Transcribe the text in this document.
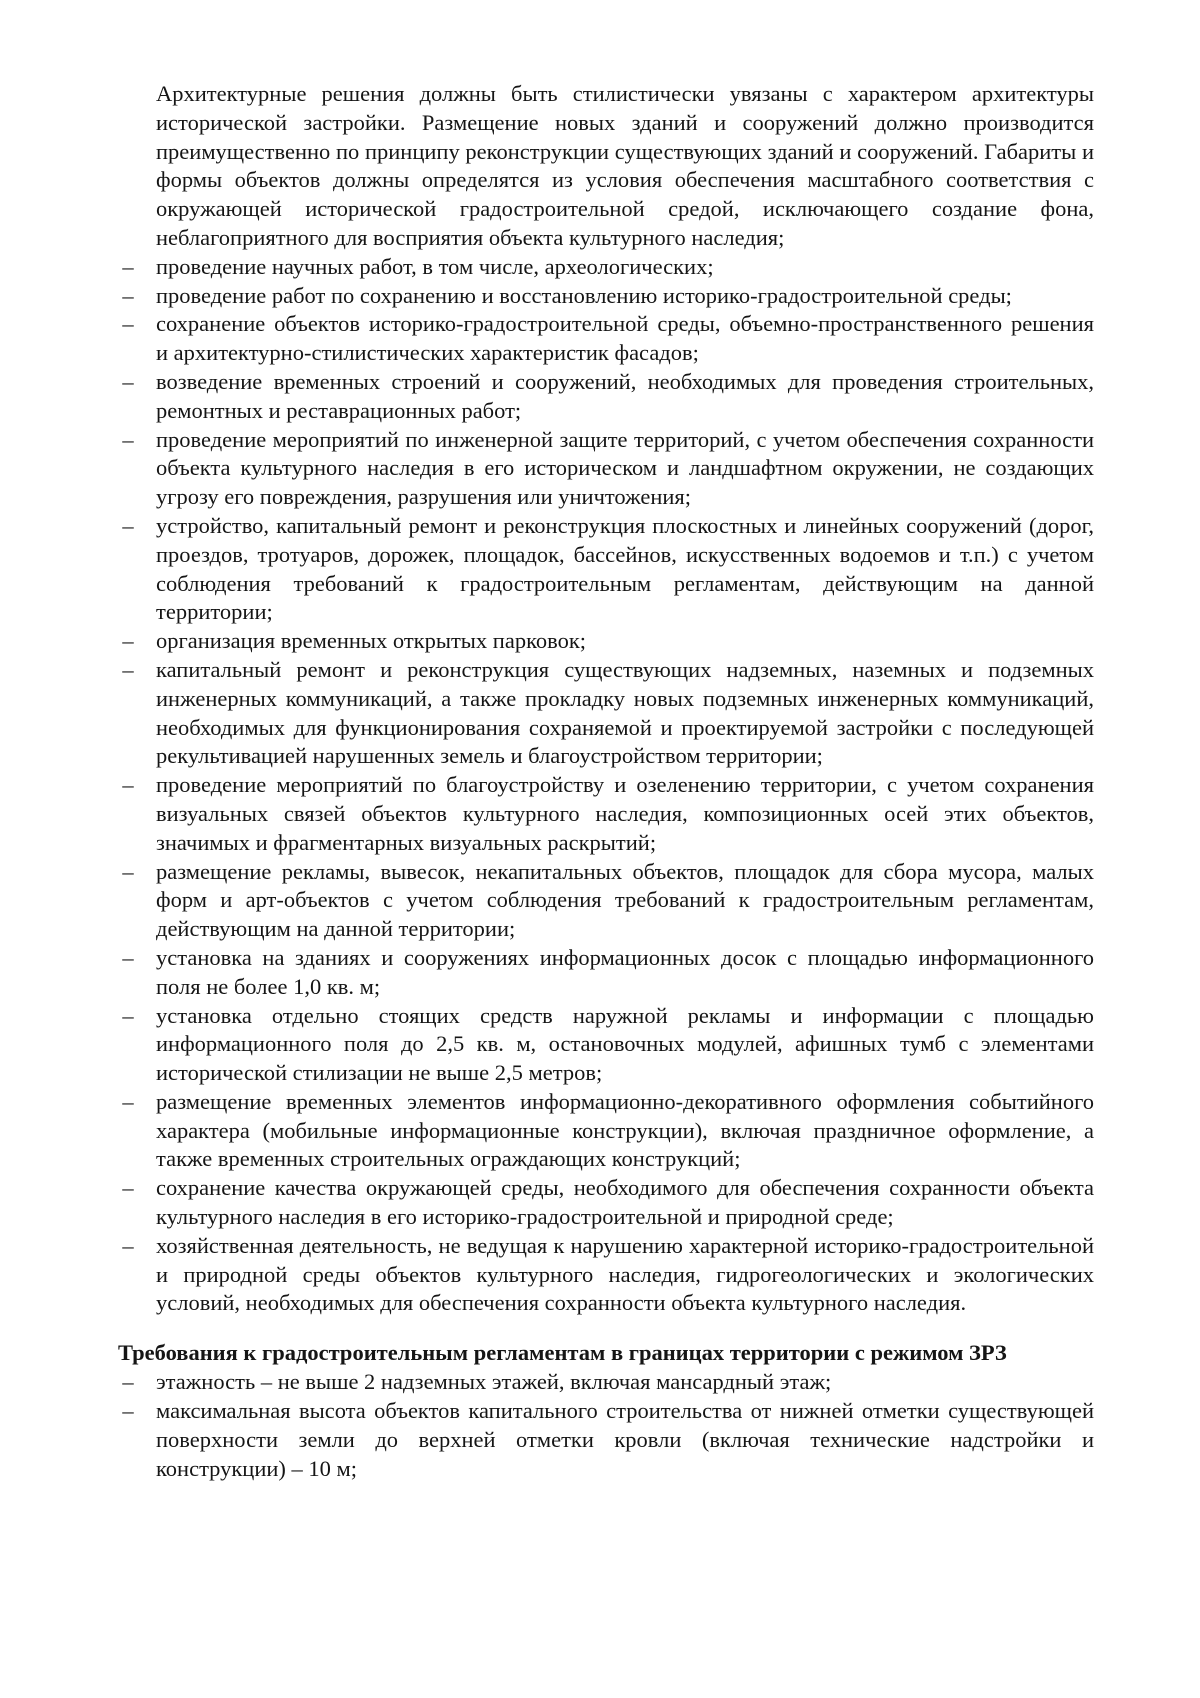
Архитектурные решения должны быть стилистически увязаны с характером архитектуры исторической застройки. Размещение новых зданий и сооружений должно производится преимущественно по принципу реконструкции существующих зданий и сооружений. Габариты и формы объектов должны определятся из условия обеспечения масштабного соответствия с окружающей исторической градостроительной средой, исключающего создание фона, неблагоприятного для восприятия объекта культурного наследия;

– проведение научных работ, в том числе, археологических;
– проведение работ по сохранению и восстановлению историко-градостроительной среды;
– сохранение объектов историко-градостроительной среды, объемно-пространственного решения и архитектурно-стилистических характеристик фасадов;
– возведение временных строений и сооружений, необходимых для проведения строительных, ремонтных и реставрационных работ;
– проведение мероприятий по инженерной защите территорий, с учетом обеспечения сохранности объекта культурного наследия в его историческом и ландшафтном окружении, не создающих угрозу его повреждения, разрушения или уничтожения;
– устройство, капитальный ремонт и реконструкция плоскостных и линейных сооружений (дорог, проездов, тротуаров, дорожек, площадок, бассейнов, искусственных водоемов и т.п.) с учетом соблюдения требований к градостроительным регламентам, действующим на данной территории;
– организация временных открытых парковок;
– капитальный ремонт и реконструкция существующих надземных, наземных и подземных инженерных коммуникаций, а также прокладку новых подземных инженерных коммуникаций, необходимых для функционирования сохраняемой и проектируемой застройки с последующей рекультивацией нарушенных земель и благоустройством территории;
– проведение мероприятий по благоустройству и озеленению территории, с учетом сохранения визуальных связей объектов культурного наследия, композиционных осей этих объектов, значимых и фрагментарных визуальных раскрытий;
– размещение рекламы, вывесок, некапитальных объектов, площадок для сбора мусора, малых форм и арт-объектов с учетом соблюдения требований к градостроительным регламентам, действующим на данной территории;
– установка на зданиях и сооружениях информационных досок с площадью информационного поля не более 1,0 кв. м;
– установка отдельно стоящих средств наружной рекламы и информации с площадью информационного поля до 2,5 кв. м, остановочных модулей, афишных тумб с элементами исторической стилизации не выше 2,5 метров;
– размещение временных элементов информационно-декоративного оформления событийного характера (мобильные информационные конструкции), включая праздничное оформление, а также временных строительных ограждающих конструкций;
– сохранение качества окружающей среды, необходимого для обеспечения сохранности объекта культурного наследия в его историко-градостроительной и природной среде;
– хозяйственная деятельность, не ведущая к нарушению характерной историко-градостроительной и природной среды объектов культурного наследия, гидрогеологических и экологических условий, необходимых для обеспечения сохранности объекта культурного наследия.
Требования к градостроительным регламентам в границах территории с режимом ЗРЗ
– этажность – не выше 2 надземных этажей, включая мансардный этаж;
– максимальная высота объектов капитального строительства от нижней отметки существующей поверхности земли до верхней отметки кровли (включая технические надстройки и конструкции) – 10 м;
